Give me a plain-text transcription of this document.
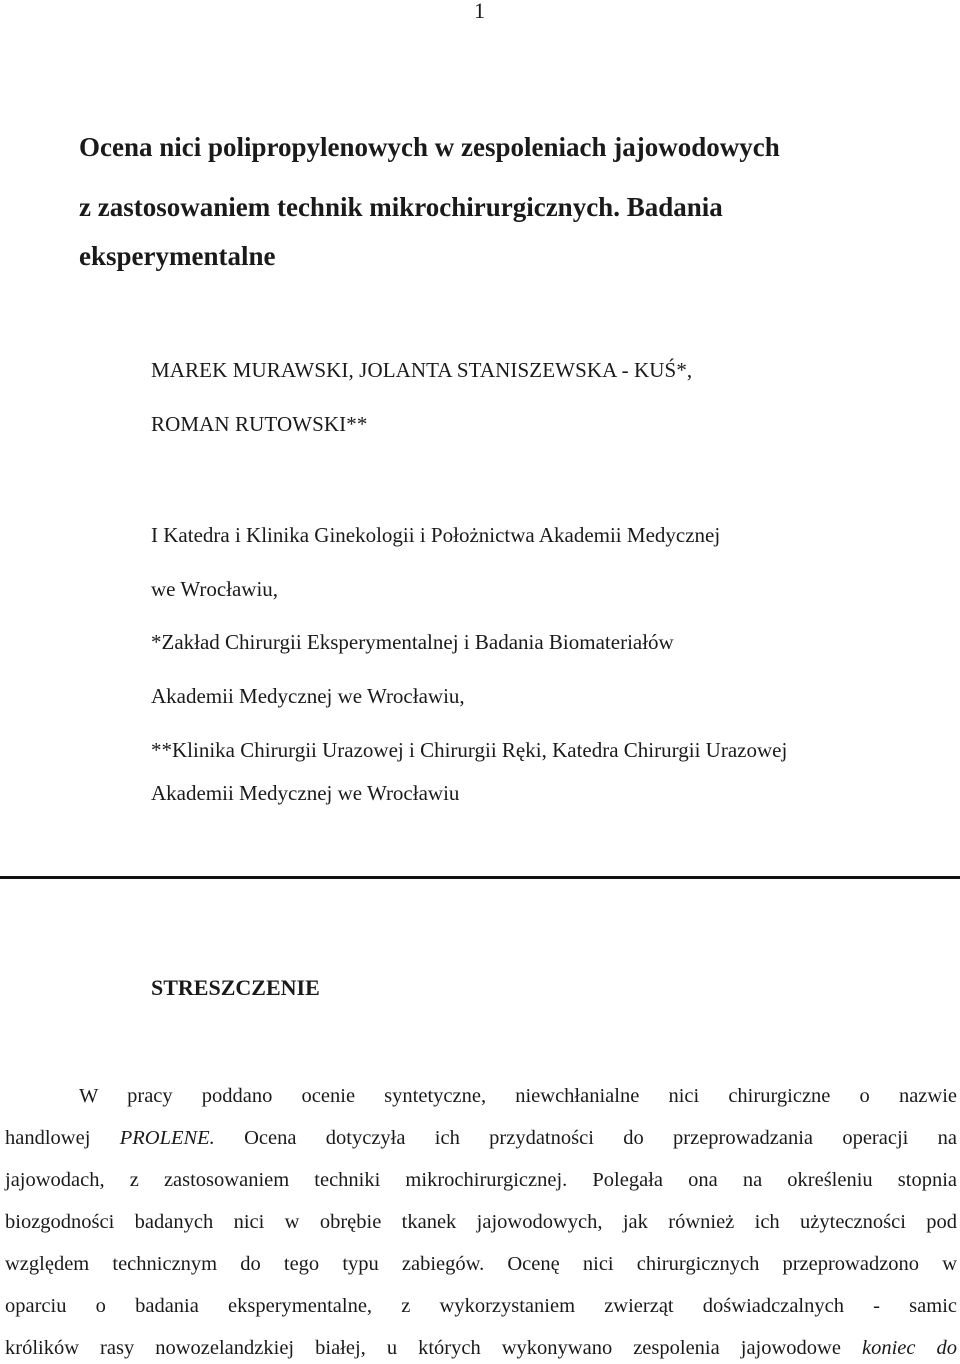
1
Ocena nici polipropylenowych w zespoleniach jajowodowych
z zastosowaniem technik mikrochirurgicznych. Badania
eksperymentalne
MAREK MURAWSKI, JOLANTA STANISZEWSKA - KUŚ*,
ROMAN RUTOWSKI**
I Katedra i Klinika Ginekologii i Położnictwa Akademii Medycznej
we Wrocławiu,
*Zakład Chirurgii Eksperymentalnej i Badania Biomateriałów
Akademii Medycznej we Wrocławiu,
**Klinika Chirurgii Urazowej i Chirurgii Ręki, Katedra Chirurgii Urazowej
Akademii Medycznej we Wrocławiu
STRESZCZENIE
W pracy poddano ocenie syntetyczne, niewchłanialne nici chirurgiczne o nazwie
handlowej PROLENE. Ocena dotyczyła ich przydatności do przeprowadzania operacji na
jajowodach, z zastosowaniem techniki mikrochirurgicznej. Polegała ona na określeniu stopnia
biozgodności badanych nici w obrębie tkanek jajowodowych, jak również ich użyteczności pod
względem technicznym do tego typu zabiegów. Ocenę nici chirurgicznych przeprowadzono w
oparciu o badania eksperymentalne, z wykorzystaniem zwierząt doświadczalnych - samic
królików rasy nowozelandzkiej białej, u których wykonywano zespolenia jajowodowe koniec do
